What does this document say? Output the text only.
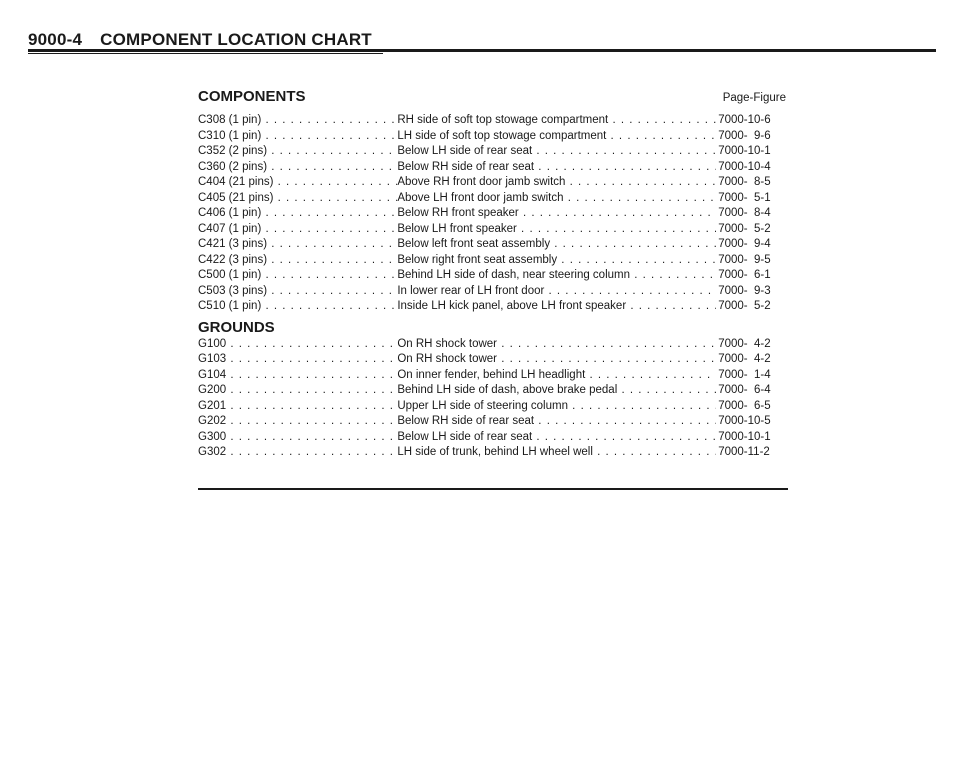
9000-4 COMPONENT LOCATION CHART
COMPONENTS	Page-Figure
C308 (1 pin) . . .	RH side of soft top stowage compartment . . .	7000-10-6
C310 (1 pin) . . .	LH side of soft top stowage compartment . . .	7000-  9-6
C352 (2 pins) . . .	Below LH side of rear seat . . .	7000-10-1
C360 (2 pins) . . .	Below RH side of rear seat . . .	7000-10-4
C404 (21 pins) . . .	Above RH front door jamb switch . . .	7000-  8-5
C405 (21 pins) . . .	Above LH front door jamb switch . . .	7000-  5-1
C406 (1 pin) . . .	Below RH front speaker . . .	7000-  8-4
C407 (1 pin) . . .	Below LH front speaker . . .	7000-  5-2
C421 (3 pins) . . .	Below left front seat assembly . . .	7000-  9-4
C422 (3 pins) . . .	Below right front seat assembly . . .	7000-  9-5
C500 (1 pin) . . .	Behind LH side of dash, near steering column . . .	7000-  6-1
C503 (3 pins) . . .	In lower rear of LH front door . . .	7000-  9-3
C510 (1 pin) . . .	Inside LH kick panel, above LH front speaker . . .	7000-  5-2
GROUNDS
G100 . . .	On RH shock tower . . .	7000-  4-2
G103 . . .	On RH shock tower . . .	7000-  4-2
G104 . . .	On inner fender, behind LH headlight . . .	7000-  1-4
G200 . . .	Behind LH side of dash, above brake pedal . . .	7000-  6-4
G201 . . .	Upper LH side of steering column . . .	7000-  6-5
G202 . . .	Below RH side of rear seat . . .	7000-10-5
G300 . . .	Below LH side of rear seat . . .	7000-10-1
G302 . . .	LH side of trunk, behind LH wheel well . . .	7000-11-2
